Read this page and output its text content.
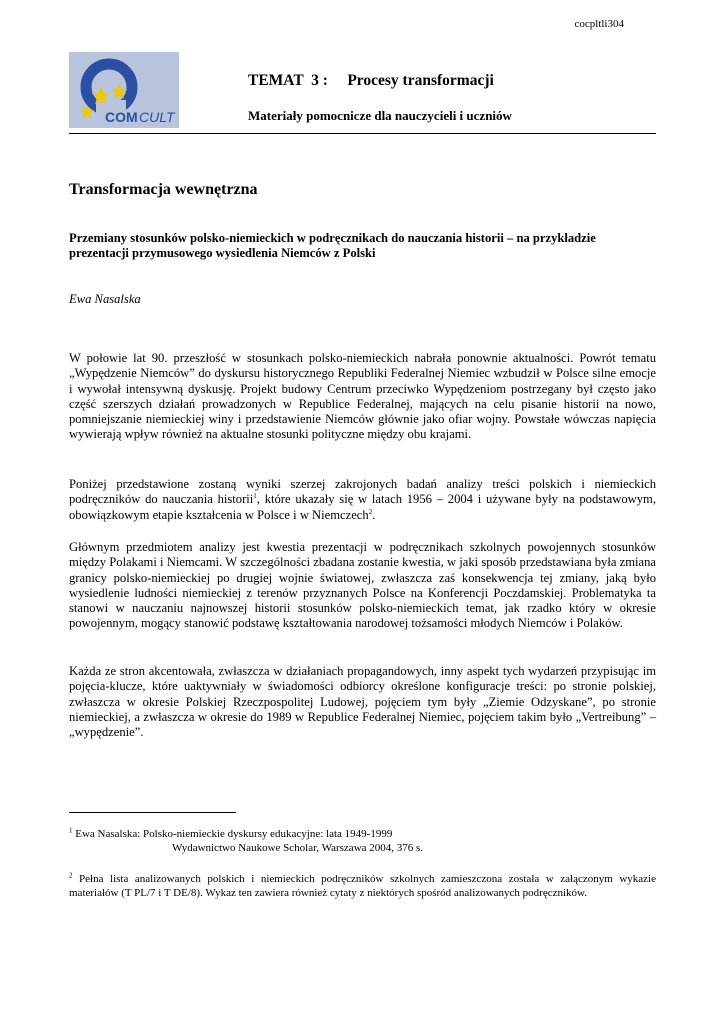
cocpltli304
COM CULT
TEMAT  3 :     Procesy transformacji
Materiały pomocnicze dla nauczycieli i uczniów
Transformacja wewnętrzna
Przemiany stosunków polsko-niemieckich w podręcznikach do nauczania historii – na przykładzie prezentacji przymusowego wysiedlenia Niemców z Polski
Ewa Nasalska

W połowie lat 90. przeszłość w stosunkach polsko-niemieckich nabrała ponownie aktualności. Powrót tematu „Wypędzenie Niemców” do dyskursu historycznego Republiki Federalnej Niemiec wzbudził w Polsce silne emocje i wywołał intensywną dyskusję. Projekt budowy Centrum przeciwko Wypędzeniom postrzegany był często jako część szerszych działań prowadzonych w Republice Federalnej, mających na celu pisanie historii na nowo, pomniejszanie niemieckiej winy i przedstawienie Niemców głównie jako ofiar wojny. Powstałe wówczas napięcia wywierają wpływ również na aktualne stosunki polityczne między obu krajami.

Poniżej przedstawione zostaną wyniki szerzej zakrojonych badań analizy treści polskich i niemieckich podręczników do nauczania historii$^1$, które ukazały się w latach 1956 – 2004 i używane były na podstawowym, obowiązkowym etapie kształcenia w Polsce i w Niemczech$^2$.

Głównym przedmiotem analizy jest kwestia prezentacji w podręcznikach szkolnych powojennych stosunków między Polakami i Niemcami. W szczególności zbadana zostanie kwestia, w jaki sposób przedstawiana była zmiana granicy polsko-niemieckiej po drugiej wojnie światowej, zwłaszcza zaś konsekwencja tej zmiany, jaką było wysiedlenie ludności niemieckiej z terenów przyznanych Polsce na Konferencji Poczdamskiej. Problematyka ta stanowi w nauczaniu najnowszej historii stosunków polsko-niemieckich temat, jak rzadko który w okresie powojennym, mogący stanowić podstawę kształtowania narodowej tożsamości młodych Niemców i Polaków.

Każda ze stron akcentowała, zwłaszcza w działaniach propagandowych, inny aspekt tych wydarzeń przypisując im pojęcia-klucze, które uaktywniały w świadomości odbiorcy określone konfiguracje treści: po stronie polskiej, zwłaszcza w okresie Polskiej Rzeczpospolitej Ludowej, pojęciem tym były „Ziemie Odzyskane”, po stronie niemieckiej, a zwłaszcza w okresie do 1989 w Republice Federalnej Niemiec, pojęciem takim było „Vertreibung” – „wypędzenie”.

$^1$ Ewa Nasalska: Polsko-niemieckie dyskursy edukacyjne: lata 1949-1999
Wydawnictwo Naukowe Scholar, Warszawa 2004, 376 s.
$^2$ Pełna lista analizowanych polskich i niemieckich podręczników szkolnych zamieszczona została w załączonym wykazie materiałów (T PL/7 i T DE/8). Wykaz ten zawiera również cytaty z niektórych spośród analizowanych podręczników.
